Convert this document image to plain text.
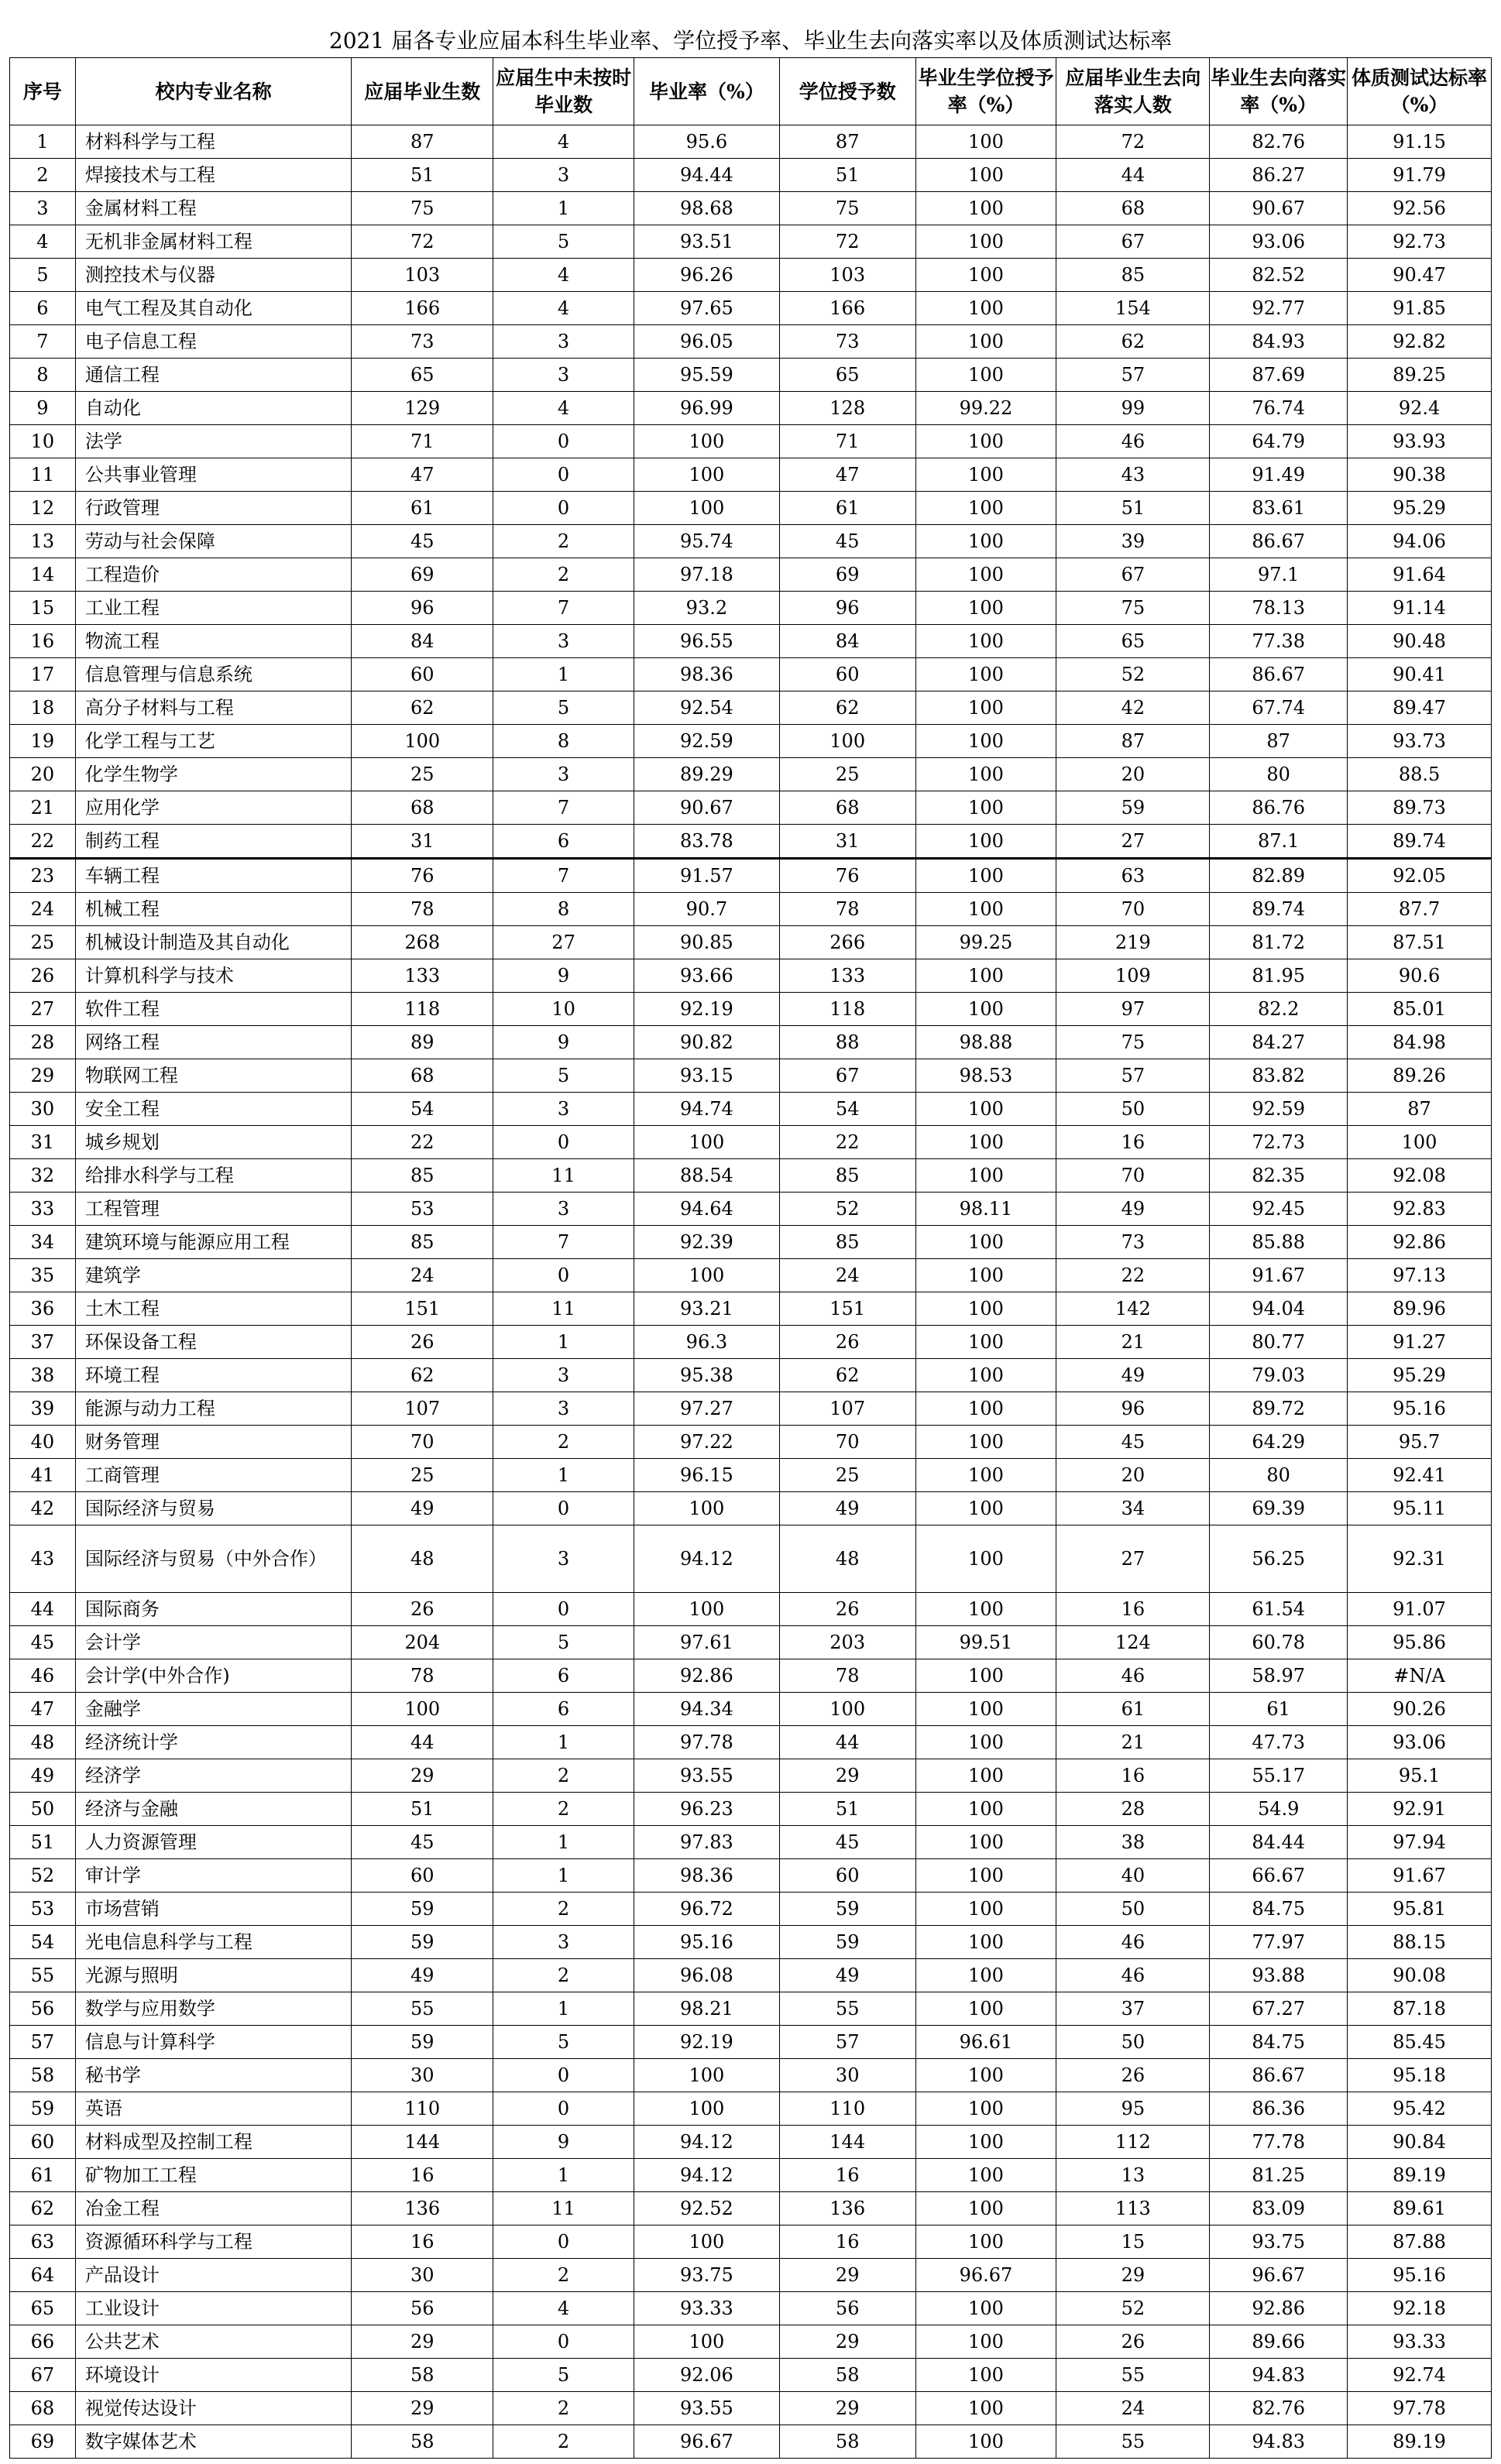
2021 届各专业应届本科生毕业率、学位授予率、毕业生去向落实率以及体质测试达标率
序号	校内专业名称	应届毕业生数	应届生中未按时毕业数	毕业率（%）	学位授予数	毕业生学位授予率（%）	应届毕业生去向落实人数	毕业生去向落实率（%）	体质测试达标率（%）
1	材料科学与工程	87	4	95.6	87	100	72	82.76	91.15
2	焊接技术与工程	51	3	94.44	51	100	44	86.27	91.79
3	金属材料工程	75	1	98.68	75	100	68	90.67	92.56
4	无机非金属材料工程	72	5	93.51	72	100	67	93.06	92.73
5	测控技术与仪器	103	4	96.26	103	100	85	82.52	90.47
6	电气工程及其自动化	166	4	97.65	166	100	154	92.77	91.85
7	电子信息工程	73	3	96.05	73	100	62	84.93	92.82
8	通信工程	65	3	95.59	65	100	57	87.69	89.25
9	自动化	129	4	96.99	128	99.22	99	76.74	92.4
10	法学	71	0	100	71	100	46	64.79	93.93
11	公共事业管理	47	0	100	47	100	43	91.49	90.38
12	行政管理	61	0	100	61	100	51	83.61	95.29
13	劳动与社会保障	45	2	95.74	45	100	39	86.67	94.06
14	工程造价	69	2	97.18	69	100	67	97.1	91.64
15	工业工程	96	7	93.2	96	100	75	78.13	91.14
16	物流工程	84	3	96.55	84	100	65	77.38	90.48
17	信息管理与信息系统	60	1	98.36	60	100	52	86.67	90.41
18	高分子材料与工程	62	5	92.54	62	100	42	67.74	89.47
19	化学工程与工艺	100	8	92.59	100	100	87	87	93.73
20	化学生物学	25	3	89.29	25	100	20	80	88.5
21	应用化学	68	7	90.67	68	100	59	86.76	89.73
22	制药工程	31	6	83.78	31	100	27	87.1	89.74
23	车辆工程	76	7	91.57	76	100	63	82.89	92.05
24	机械工程	78	8	90.7	78	100	70	89.74	87.7
25	机械设计制造及其自动化	268	27	90.85	266	99.25	219	81.72	87.51
26	计算机科学与技术	133	9	93.66	133	100	109	81.95	90.6
27	软件工程	118	10	92.19	118	100	97	82.2	85.01
28	网络工程	89	9	90.82	88	98.88	75	84.27	84.98
29	物联网工程	68	5	93.15	67	98.53	57	83.82	89.26
30	安全工程	54	3	94.74	54	100	50	92.59	87
31	城乡规划	22	0	100	22	100	16	72.73	100
32	给排水科学与工程	85	11	88.54	85	100	70	82.35	92.08
33	工程管理	53	3	94.64	52	98.11	49	92.45	92.83
34	建筑环境与能源应用工程	85	7	92.39	85	100	73	85.88	92.86
35	建筑学	24	0	100	24	100	22	91.67	97.13
36	土木工程	151	11	93.21	151	100	142	94.04	89.96
37	环保设备工程	26	1	96.3	26	100	21	80.77	91.27
38	环境工程	62	3	95.38	62	100	49	79.03	95.29
39	能源与动力工程	107	3	97.27	107	100	96	89.72	95.16
40	财务管理	70	2	97.22	70	100	45	64.29	95.7
41	工商管理	25	1	96.15	25	100	20	80	92.41
42	国际经济与贸易	49	0	100	49	100	34	69.39	95.11
43	国际经济与贸易（中外合作）	48	3	94.12	48	100	27	56.25	92.31
44	国际商务	26	0	100	26	100	16	61.54	91.07
45	会计学	204	5	97.61	203	99.51	124	60.78	95.86
46	会计学(中外合作)	78	6	92.86	78	100	46	58.97	#N/A
47	金融学	100	6	94.34	100	100	61	61	90.26
48	经济统计学	44	1	97.78	44	100	21	47.73	93.06
49	经济学	29	2	93.55	29	100	16	55.17	95.1
50	经济与金融	51	2	96.23	51	100	28	54.9	92.91
51	人力资源管理	45	1	97.83	45	100	38	84.44	97.94
52	审计学	60	1	98.36	60	100	40	66.67	91.67
53	市场营销	59	2	96.72	59	100	50	84.75	95.81
54	光电信息科学与工程	59	3	95.16	59	100	46	77.97	88.15
55	光源与照明	49	2	96.08	49	100	46	93.88	90.08
56	数学与应用数学	55	1	98.21	55	100	37	67.27	87.18
57	信息与计算科学	59	5	92.19	57	96.61	50	84.75	85.45
58	秘书学	30	0	100	30	100	26	86.67	95.18
59	英语	110	0	100	110	100	95	86.36	95.42
60	材料成型及控制工程	144	9	94.12	144	100	112	77.78	90.84
61	矿物加工工程	16	1	94.12	16	100	13	81.25	89.19
62	冶金工程	136	11	92.52	136	100	113	83.09	89.61
63	资源循环科学与工程	16	0	100	16	100	15	93.75	87.88
64	产品设计	30	2	93.75	29	96.67	29	96.67	95.16
65	工业设计	56	4	93.33	56	100	52	92.86	92.18
66	公共艺术	29	0	100	29	100	26	89.66	93.33
67	环境设计	58	5	92.06	58	100	55	94.83	92.74
68	视觉传达设计	29	2	93.55	29	100	24	82.76	97.78
69	数字媒体艺术	58	2	96.67	58	100	55	94.83	89.19
